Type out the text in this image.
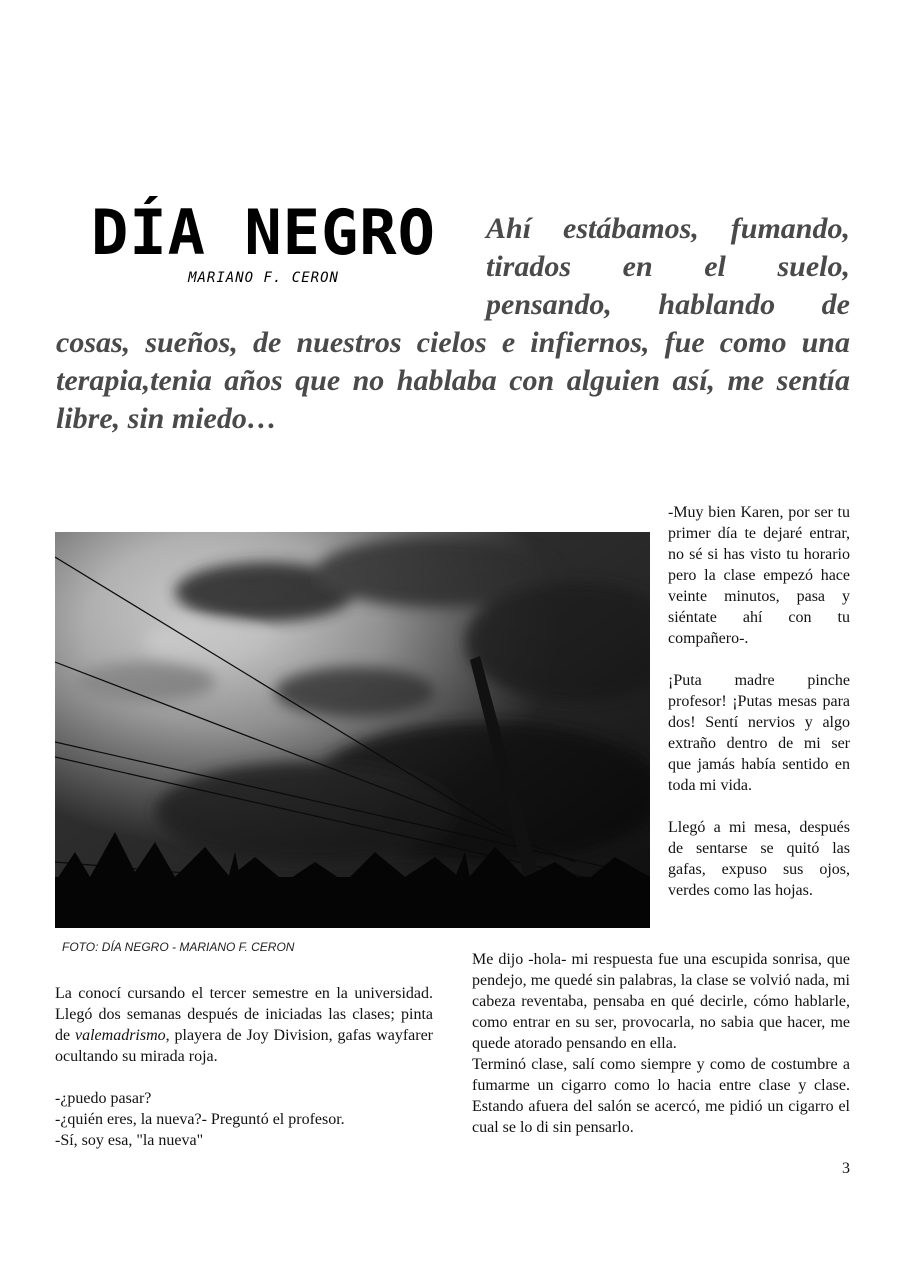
DÍA NEGRO
MARIANO F. CERON

Ahí estábamos, fumando, tirados en el suelo, pensando, hablando de cosas, sueños, de nuestros cielos e infiernos, fue como una terapia,tenia años que no hablaba con alguien así, me sentía libre, sin miedo…

FOTO: DÍA NEGRO - MARIANO F. CERON

-Muy bien Karen, por ser tu primer día te dejaré entrar, no sé si has visto tu horario pero la clase empezó hace veinte minutos, pasa y siéntate ahí con tu compañero-.

¡Puta madre pinche profesor! ¡Putas mesas para dos! Sentí nervios y algo extraño dentro de mi ser que jamás había sentido en toda mi vida.

Llegó a mi mesa, después de sentarse se quitó las gafas, expuso sus ojos, verdes como las hojas.

La conocí cursando el tercer semestre en la universidad. Llegó dos semanas después de iniciadas las clases; pinta de valemadrismo, playera de Joy Division, gafas wayfarer ocultando su mirada roja.

-¿puedo pasar?

-¿quién eres, la nueva?- Preguntó el profesor.

-Sí, soy esa, "la nueva"

Me dijo -hola- mi respuesta fue una escupida sonrisa, que pendejo, me quedé sin palabras, la clase se volvió nada, mi cabeza reventaba, pensaba en qué decirle, cómo hablarle, como entrar en su ser, provocarla, no sabia que hacer, me quede atorado pensando en ella.

Terminó clase, salí como siempre y como de costumbre a fumarme un cigarro como lo hacia entre clase y clase. Estando afuera del salón se acercó, me pidió un cigarro el cual se lo di sin pensarlo.

3
